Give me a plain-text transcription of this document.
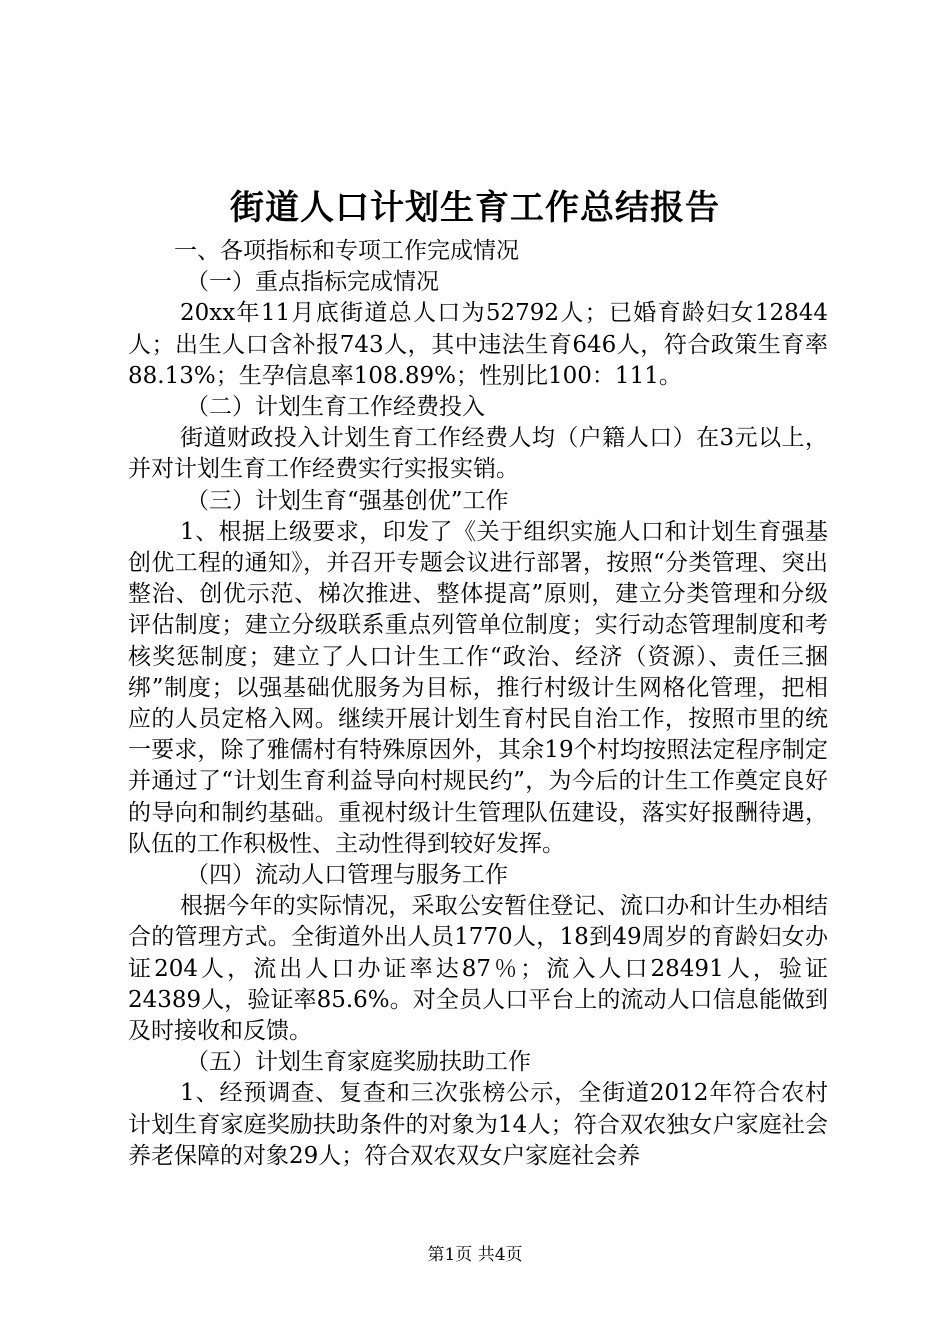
街道人口计划生育工作总结报告

一、各项指标和专项工作完成情况

（一）重点指标完成情况

20xx年11月底街道总人口为52792人；已婚育龄妇女12844人；出生人口含补报743人，其中违法生育646人，符合政策生育率88.13%；生孕信息率108.89%；性别比100：111。

（二）计划生育工作经费投入

街道财政投入计划生育工作经费人均（户籍人口）在3元以上，并对计划生育工作经费实行实报实销。

（三）计划生育“强基创优”工作

1、根据上级要求，印发了《关于组织实施人口和计划生育强基创优工程的通知》，并召开专题会议进行部署，按照“分类管理、突出整治、创优示范、梯次推进、整体提高”原则，建立分类管理和分级评估制度；建立分级联系重点列管单位制度；实行动态管理制度和考核奖惩制度；建立了人口计生工作“政治、经济（资源）、责任三捆绑”制度；以强基础优服务为目标，推行村级计生网格化管理，把相应的人员定格入网。继续开展计划生育村民自治工作，按照市里的统一要求，除了雅儒村有特殊原因外，其余19个村均按照法定程序制定并通过了“计划生育利益导向村规民约”，为今后的计生工作奠定良好的导向和制约基础。重视村级计生管理队伍建设，落实好报酬待遇，队伍的工作积极性、主动性得到较好发挥。

（四）流动人口管理与服务工作

根据今年的实际情况，采取公安暂住登记、流口办和计生办相结合的管理方式。全街道外出人员1770人，18到49周岁的育龄妇女办证204人，流出人口办证率达87％；流入人口28491人，验证24389人，验证率85.6%。对全员人口平台上的流动人口信息能做到及时接收和反馈。

（五）计划生育家庭奖励扶助工作

1、经预调查、复查和三次张榜公示，全街道2012年符合农村计划生育家庭奖励扶助条件的对象为14人；符合双农独女户家庭社会养老保障的对象29人；符合双农双女户家庭社会养

第1页 共4页
